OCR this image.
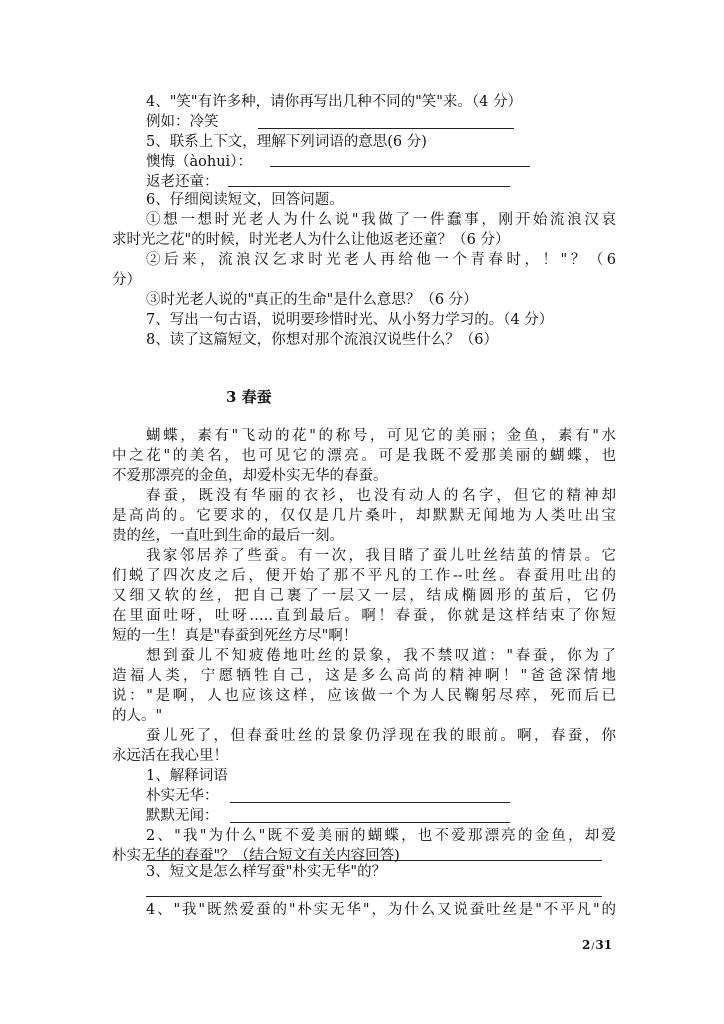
4、"笑"有许多种，请你再写出几种不同的"笑"来。（4 分）
例如：冷笑
5、联系上下文，理解下列词语的意思(6 分)
懊悔（àohui）：
返老还童：
6、仔细阅读短文，回答问题。
①想一想时光老人为什么说"我做了一件蠢事，刚开始流浪汉哀
求时光之花"的时候，时光老人为什么让他返老还童？（6 分）
②后来，流浪汉乞求时光老人再给他一个青春时，！"？（6
分）
③时光老人说的"真正的生命"是什么意思？（6 分）
7、写出一句古语，说明要珍惜时光、从小努力学习的。（4 分）
8、读了这篇短文，你想对那个流浪汉说些什么？（6）
3 春蚕
蝴蝶，素有"飞动的花"的称号，可见它的美丽；金鱼，素有"水
中之花"的美名，也可见它的漂亮。可是我既不爱那美丽的蝴蝶，也
不爱那漂亮的金鱼，却爱朴实无华的春蚕。
春蚕，既没有华丽的衣衫，也没有动人的名字，但它的精神却
是高尚的。它要求的，仅仅是几片桑叶，却默默无闻地为人类吐出宝
贵的丝，一直吐到生命的最后一刻。
我家邻居养了些蚕。有一次，我目睹了蚕儿吐丝结茧的情景。它
们蜕了四次皮之后，便开始了那不平凡的工作--吐丝。春蚕用吐出的
又细又软的丝，把自己裹了一层又一层，结成椭圆形的茧后，它仍
在里面吐呀，吐呀…..直到最后。啊！春蚕，你就是这样结束了你短
短的一生！真是"春蚕到死丝方尽"啊！
想到蚕儿不知疲倦地吐丝的景象，我不禁叹道："春蚕，你为了
造福人类，宁愿牺牲自己，这是多么高尚的精神啊！"爸爸深情地
说："是啊，人也应该这样，应该做一个为人民鞠躬尽瘁，死而后已
的人。"
蚕儿死了，但春蚕吐丝的景象仍浮现在我的眼前。啊，春蚕，你
永远活在我心里！
1、解释词语
朴实无华：
默默无闻：
2、"我"为什么"既不爱美丽的蝴蝶，也不爱那漂亮的金鱼，却爱
朴实无华的春蚕"？（结合短文有关内容回答)
3、短文是怎么样写蚕"朴实无华"的？
4、"我"既然爱蚕的"朴实无华"，为什么又说蚕吐丝是"不平凡"的
2/31
